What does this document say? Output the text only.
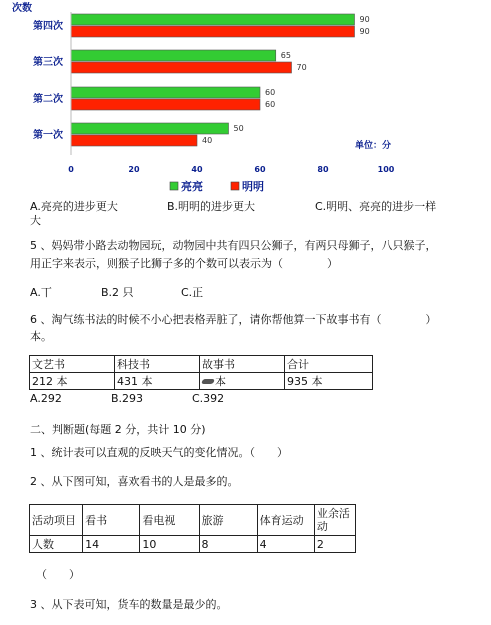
次数
第四次
90
90
第三次
65
70
第二次
60
60
第一次
50
40
0	20	40	60	80	100
单位：分
亮亮	明明
A.亮亮的进步更大	B.明明的进步更大	C.明明、亮亮的进步一样
大
5 、妈妈带小路去动物园玩，动物园中共有四只公狮子，有两只母狮子，八只猴子，
用正字来表示，则猴子比狮子多的个数可以表示为（　　　　）
A.丅	B.2 只	C.正
6 、淘气练书法的时候不小心把表格弄脏了，请你帮他算一下故事书有（　　　　）
本。
文艺书	科技书	故事书	合计
212 本	431 本	本	935 本
A.292	B.293	C.392
二、判断题(每题 2 分，共计 10 分)
1 、统计表可以直观的反映天气的变化情况。（　　）
2 、从下图可知，喜欢看书的人是最多的。
活动项目	看书	看电视	旅游	体育运动	业余活动
人数	14	10	8	4	2
（　　）
3 、从下表可知，货车的数量是最少的。
